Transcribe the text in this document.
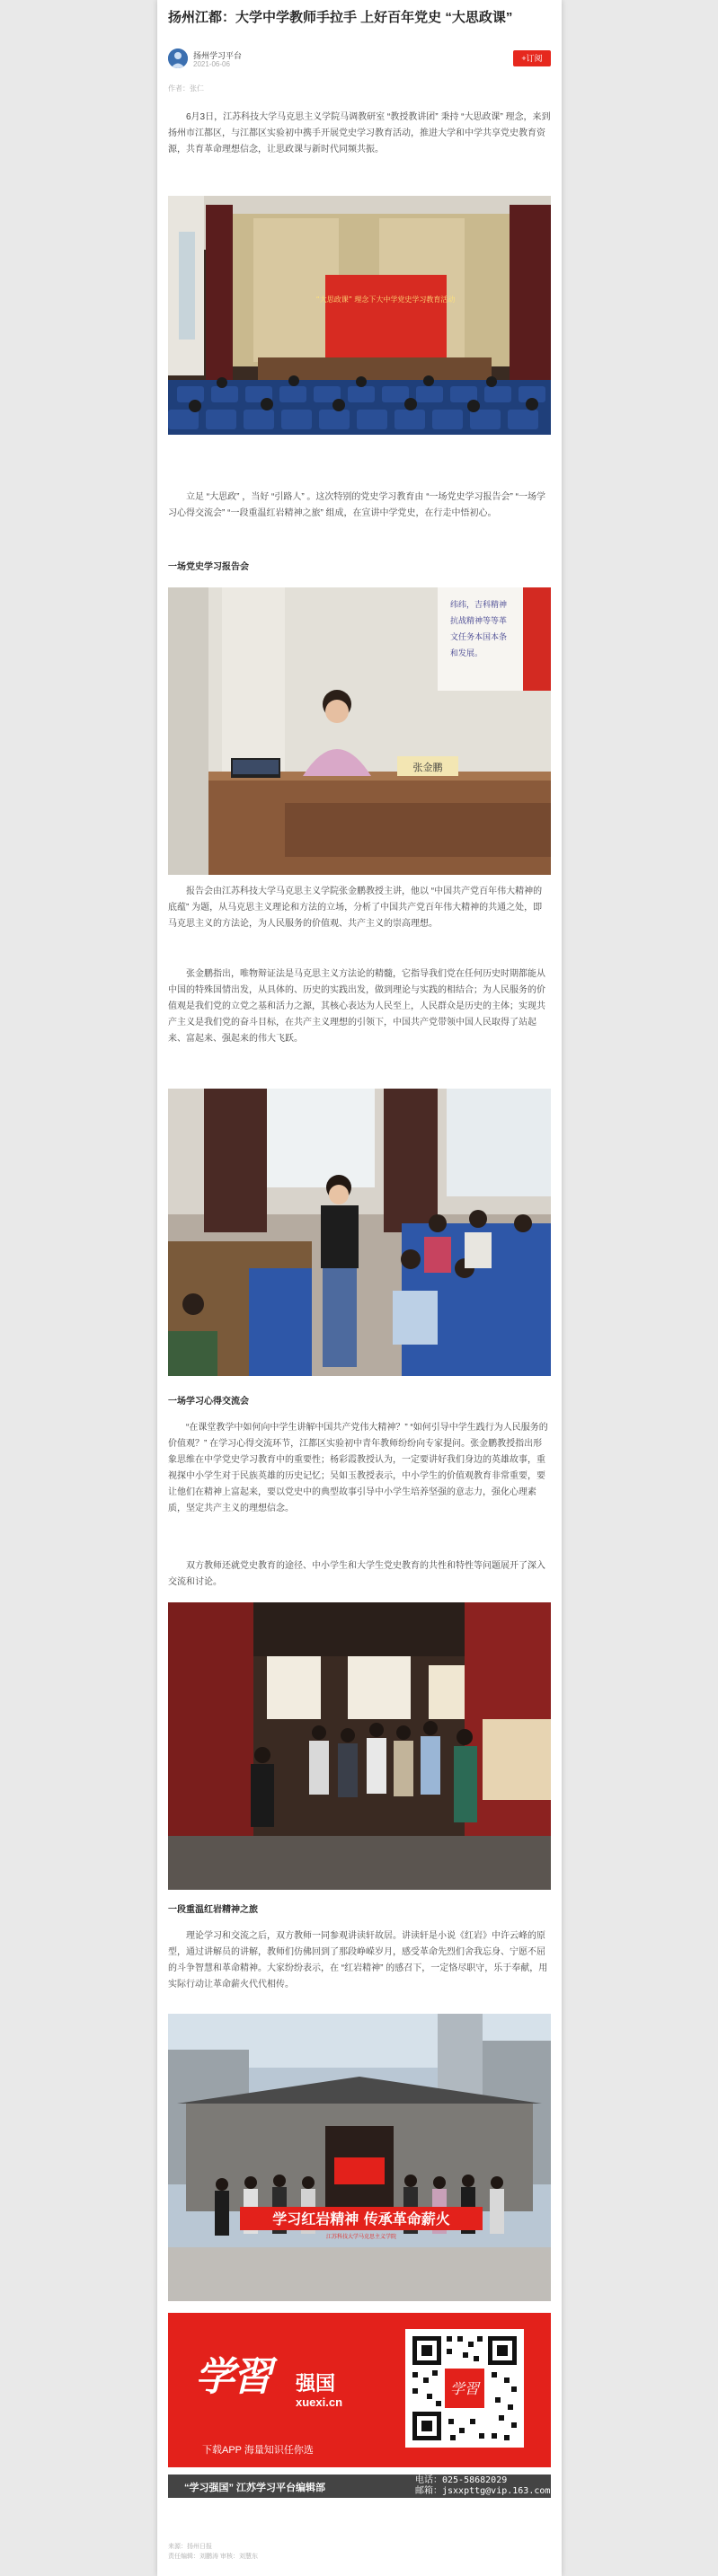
扬州江都：大学中学教师手拉手 上好百年党史 “大思政课”
扬州学习平台
2021-06-06
+订阅
作者：张仁
6月3日，江苏科技大学马克思主义学院马调教研室 “教授教讲团” 秉持 “大思政课” 理念，来到扬州市江都区，与江都区实验初中携手开展党史学习教育活动，推进大学和中学共享党史教育资源，共育革命理想信念，让思政课与新时代同频共振。
“大思政课” 理念下大中学党史学习教育活动
立足 “大思政” ，当好 “引路人” 。这次特别的党史学习教育由 “一场党史学习报告会” “一场学习心得交流会” “一段重温红岩精神之旅” 组成，在宣讲中学党史，在行走中悟初心。
一场党史学习报告会
纬纬，吉科精神
抗战精神等等革
文任务本国本条
和发展。
张金鹏
报告会由江苏科技大学马克思主义学院张金鹏教授主讲，他以 “中国共产党百年伟大精神的底蕴” 为题，从马克思主义理论和方法的立场，分析了中国共产党百年伟大精神的共通之处，即马克思主义的方法论，为人民服务的价值观、共产主义的崇高理想。
张金鹏指出，唯物辩证法是马克思主义方法论的精髓，它指导我们党在任何历史时期都能从中国的特殊国情出发，从具体的、历史的实践出发，做到理论与实践的相结合；为人民服务的价值观是我们党的立党之基和活力之源，其核心表达为人民至上，人民群众是历史的主体；实现共产主义是我们党的奋斗目标，在共产主义理想的引领下，中国共产党带领中国人民取得了站起来、富起来、强起来的伟大飞跃。
一场学习心得交流会
“在课堂教学中如何向中学生讲解中国共产党伟大精神？” “如何引导中学生践行为人民服务的价值观？” 在学习心得交流环节，江都区实验初中青年教师纷纷向专家提问。张金鹏教授指出形象思维在中学党史学习教育中的重要性；杨彩霞教授认为，一定要讲好我们身边的英雄故事，重视探中小学生对于民族英雄的历史记忆；吴如玉教授表示，中小学生的价值观教育非常重要，要让他们在精神上富起来，要以党史中的典型故事引导中小学生培养坚强的意志力，强化心理素质，坚定共产主义的理想信念。
双方教师还就党史教育的途径、中小学生和大学生党史教育的共性和特性等问题展开了深入交流和讨论。
一段重温红岩精神之旅
理论学习和交流之后，双方教师一同参观讲读轩故居。讲读轩是小说《红岩》中许云峰的原型，通过讲解员的讲解，教师们仿佛回到了那段峥嵘岁月，感受革命先烈们舍我忘身、宁愿不屈的斗争智慧和革命精神。大家纷纷表示，在 “红岩精神” 的感召下，一定恪尽职守，乐于奉献，用实际行动让革命薪火代代相传。
学习红岩精神 传承革命薪火
江苏科技大学马克思主义学院
学習 强国
xuexi.cn
下载APP 海量知识任你选
学習
“学习强国” 江苏学习平台编辑部
电话：025-58682029
邮箱：jsxxpttg@vip.163.com
来源：扬州日报
责任编辑：刘鹏涛 审核：刘慧东
